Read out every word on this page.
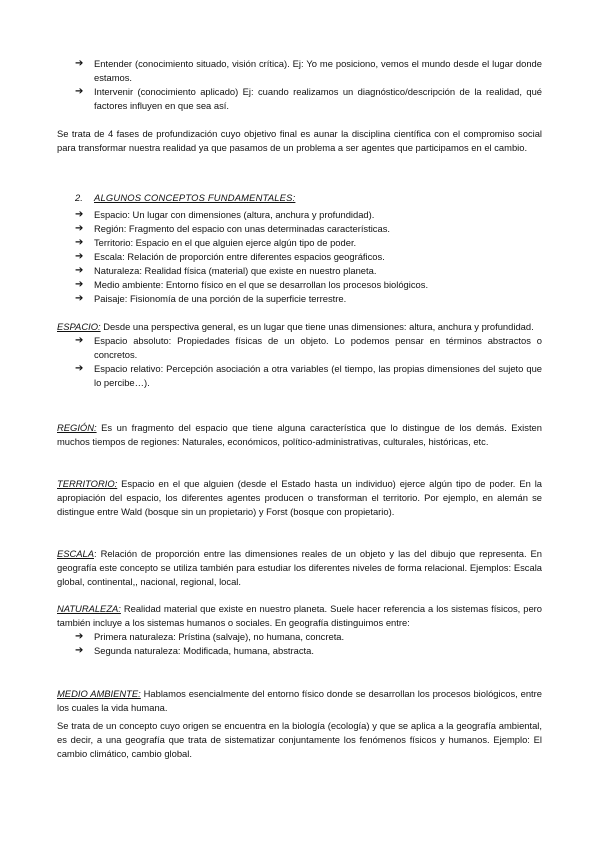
➔ Entender (conocimiento situado, visión crítica). Ej: Yo me posiciono, vemos el mundo desde el lugar donde estamos.
➔ Intervenir (conocimiento aplicado) Ej: cuando realizamos un diagnóstico/descripción de la realidad, qué factores influyen en que sea así.

Se trata de 4 fases de profundización cuyo objetivo final es aunar la disciplina científica con el compromiso social para transformar nuestra realidad ya que pasamos de un problema a ser agentes que participamos en el cambio.

2. ALGUNOS CONCEPTOS FUNDAMENTALES:
➔ Espacio: Un lugar con dimensiones (altura, anchura y profundidad).
➔ Región: Fragmento del espacio con unas determinadas características.
➔ Territorio: Espacio en el que alguien ejerce algún tipo de poder.
➔ Escala: Relación de proporción entre diferentes espacios geográficos.
➔ Naturaleza: Realidad física (material) que existe en nuestro planeta.
➔ Medio ambiente: Entorno físico en el que se desarrollan los procesos biológicos.
➔ Paisaje: Fisionomía de una porción de la superficie terrestre.

ESPACIO: Desde una perspectiva general, es un lugar que tiene unas dimensiones: altura, anchura y profundidad.

➔ Espacio absoluto: Propiedades físicas de un objeto. Lo podemos pensar en términos abstractos o concretos.
➔ Espacio relativo: Percepción asociación a otra variables (el tiempo, las propias dimensiones del sujeto que lo percibe…).

REGIÓN: Es un fragmento del espacio que tiene alguna característica que lo distingue de los demás. Existen muchos tiempos de regiones: Naturales, económicos, político-administrativas, culturales, históricas, etc.

TERRITORIO: Espacio en el que alguien (desde el Estado hasta un individuo) ejerce algún tipo de poder. En la apropiación del espacio, los diferentes agentes producen o transforman el territorio. Por ejemplo, en alemán se distingue entre Wald (bosque sin un propietario) y Forst (bosque con propietario).

ESCALA: Relación de proporción entre las dimensiones reales de un objeto y las del dibujo que representa. En geografía este concepto se utiliza también para estudiar los diferentes niveles de forma relacional. Ejemplos: Escala global, continental,, nacional, regional, local.

NATURALEZA: Realidad material que existe en nuestro planeta. Suele hacer referencia a los sistemas físicos, pero también incluye a los sistemas humanos o sociales. En geografía distinguimos entre:

➔ Primera naturaleza: Prístina (salvaje), no humana, concreta.
➔ Segunda naturaleza: Modificada, humana, abstracta.

MEDIO AMBIENTE: Hablamos esencialmente del entorno físico donde se desarrollan los procesos biológicos, entre los cuales la vida humana.

Se trata de un concepto cuyo origen se encuentra en la biología (ecología) y que se aplica a la geografía ambiental, es decir, a una geografía que trata de sistematizar conjuntamente los fenómenos físicos y humanos. Ejemplo: El cambio climático, cambio global.
